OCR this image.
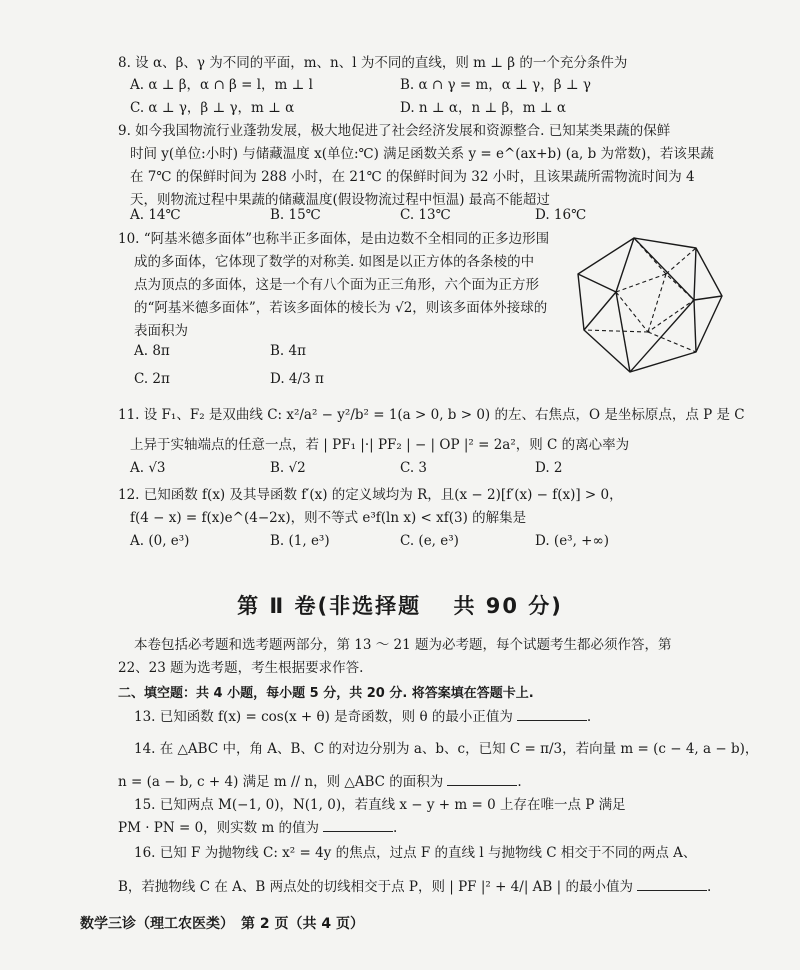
8. 设 α、β、γ 为不同的平面，m、n、l 为不同的直线，则 m ⊥ β 的一个充分条件为
A. α ⊥ β，α ∩ β = l，m ⊥ l	B. α ∩ γ = m，α ⊥ γ，β ⊥ γ
C. α ⊥ γ，β ⊥ γ，m ⊥ α	D. n ⊥ α，n ⊥ β，m ⊥ α
9. 如今我国物流行业蓬勃发展，极大地促进了社会经济发展和资源整合. 已知某类果蔬的保鲜
时间 y(单位:小时) 与储藏温度 x(单位:℃) 满足函数关系 y = e^(ax+b) (a, b 为常数)，若该果蔬
在 7℃ 的保鲜时间为 288 小时，在 21℃ 的保鲜时间为 32 小时，且该果蔬所需物流时间为 4
天，则物流过程中果蔬的储藏温度(假设物流过程中恒温) 最高不能超过
A. 14℃	B. 15℃	C. 13℃	D. 16℃
10. “阿基米德多面体”也称半正多面体，是由边数不全相同的正多边形围
成的多面体，它体现了数学的对称美. 如图是以正方体的各条棱的中
点为顶点的多面体，这是一个有八个面为正三角形，六个面为正方形
的“阿基米德多面体”，若该多面体的棱长为 √2，则该多面体外接球的
表面积为
A. 8π	B. 4π
C. 2π	D. 4/3 π
11. 设 F₁、F₂ 是双曲线 C: x²/a² − y²/b² = 1(a > 0, b > 0) 的左、右焦点，O 是坐标原点，点 P 是 C
上异于实轴端点的任意一点，若 | PF₁ |·| PF₂ | − | OP |² = 2a²，则 C 的离心率为
A. √3	B. √2	C. 3	D. 2
12. 已知函数 f(x) 及其导函数 f′(x) 的定义域均为 R，且(x − 2)[f′(x) − f(x)] > 0，
f(4 − x) = f(x)e^(4−2x)，则不等式 e³f(ln x) < xf(3) 的解集是
A. (0, e³)	B. (1, e³)	C. (e, e³)	D. (e³, +∞)
第 Ⅱ 卷(非选择题　 共 90 分)
本卷包括必考题和选考题两部分，第 13 ～ 21 题为必考题，每个试题考生都必须作答，第
22、23 题为选考题，考生根据要求作答.
二、填空题：共 4 小题，每小题 5 分，共 20 分. 将答案填在答题卡上.
13. 已知函数 f(x) = cos(x + θ) 是奇函数，则 θ 的最小正值为	.
14. 在 △ABC 中，角 A、B、C 的对边分别为 a、b、c，已知 C = π/3，若向量 m = (c − 4, a − b)，
n = (a − b, c + 4) 满足 m // n，则 △ABC 的面积为	.
15. 已知两点 M(−1, 0)，N(1, 0)，若直线 x − y + m = 0 上存在唯一点 P 满足
PM · PN = 0，则实数 m 的值为	.
16. 已知 F 为抛物线 C: x² = 4y 的焦点，过点 F 的直线 l 与抛物线 C 相交于不同的两点 A、
B，若抛物线 C 在 A、B 两点处的切线相交于点 P，则 | PF |² + 4/| AB | 的最小值为	.
数学三诊（理工农医类）　第 2 页（共 4 页）
